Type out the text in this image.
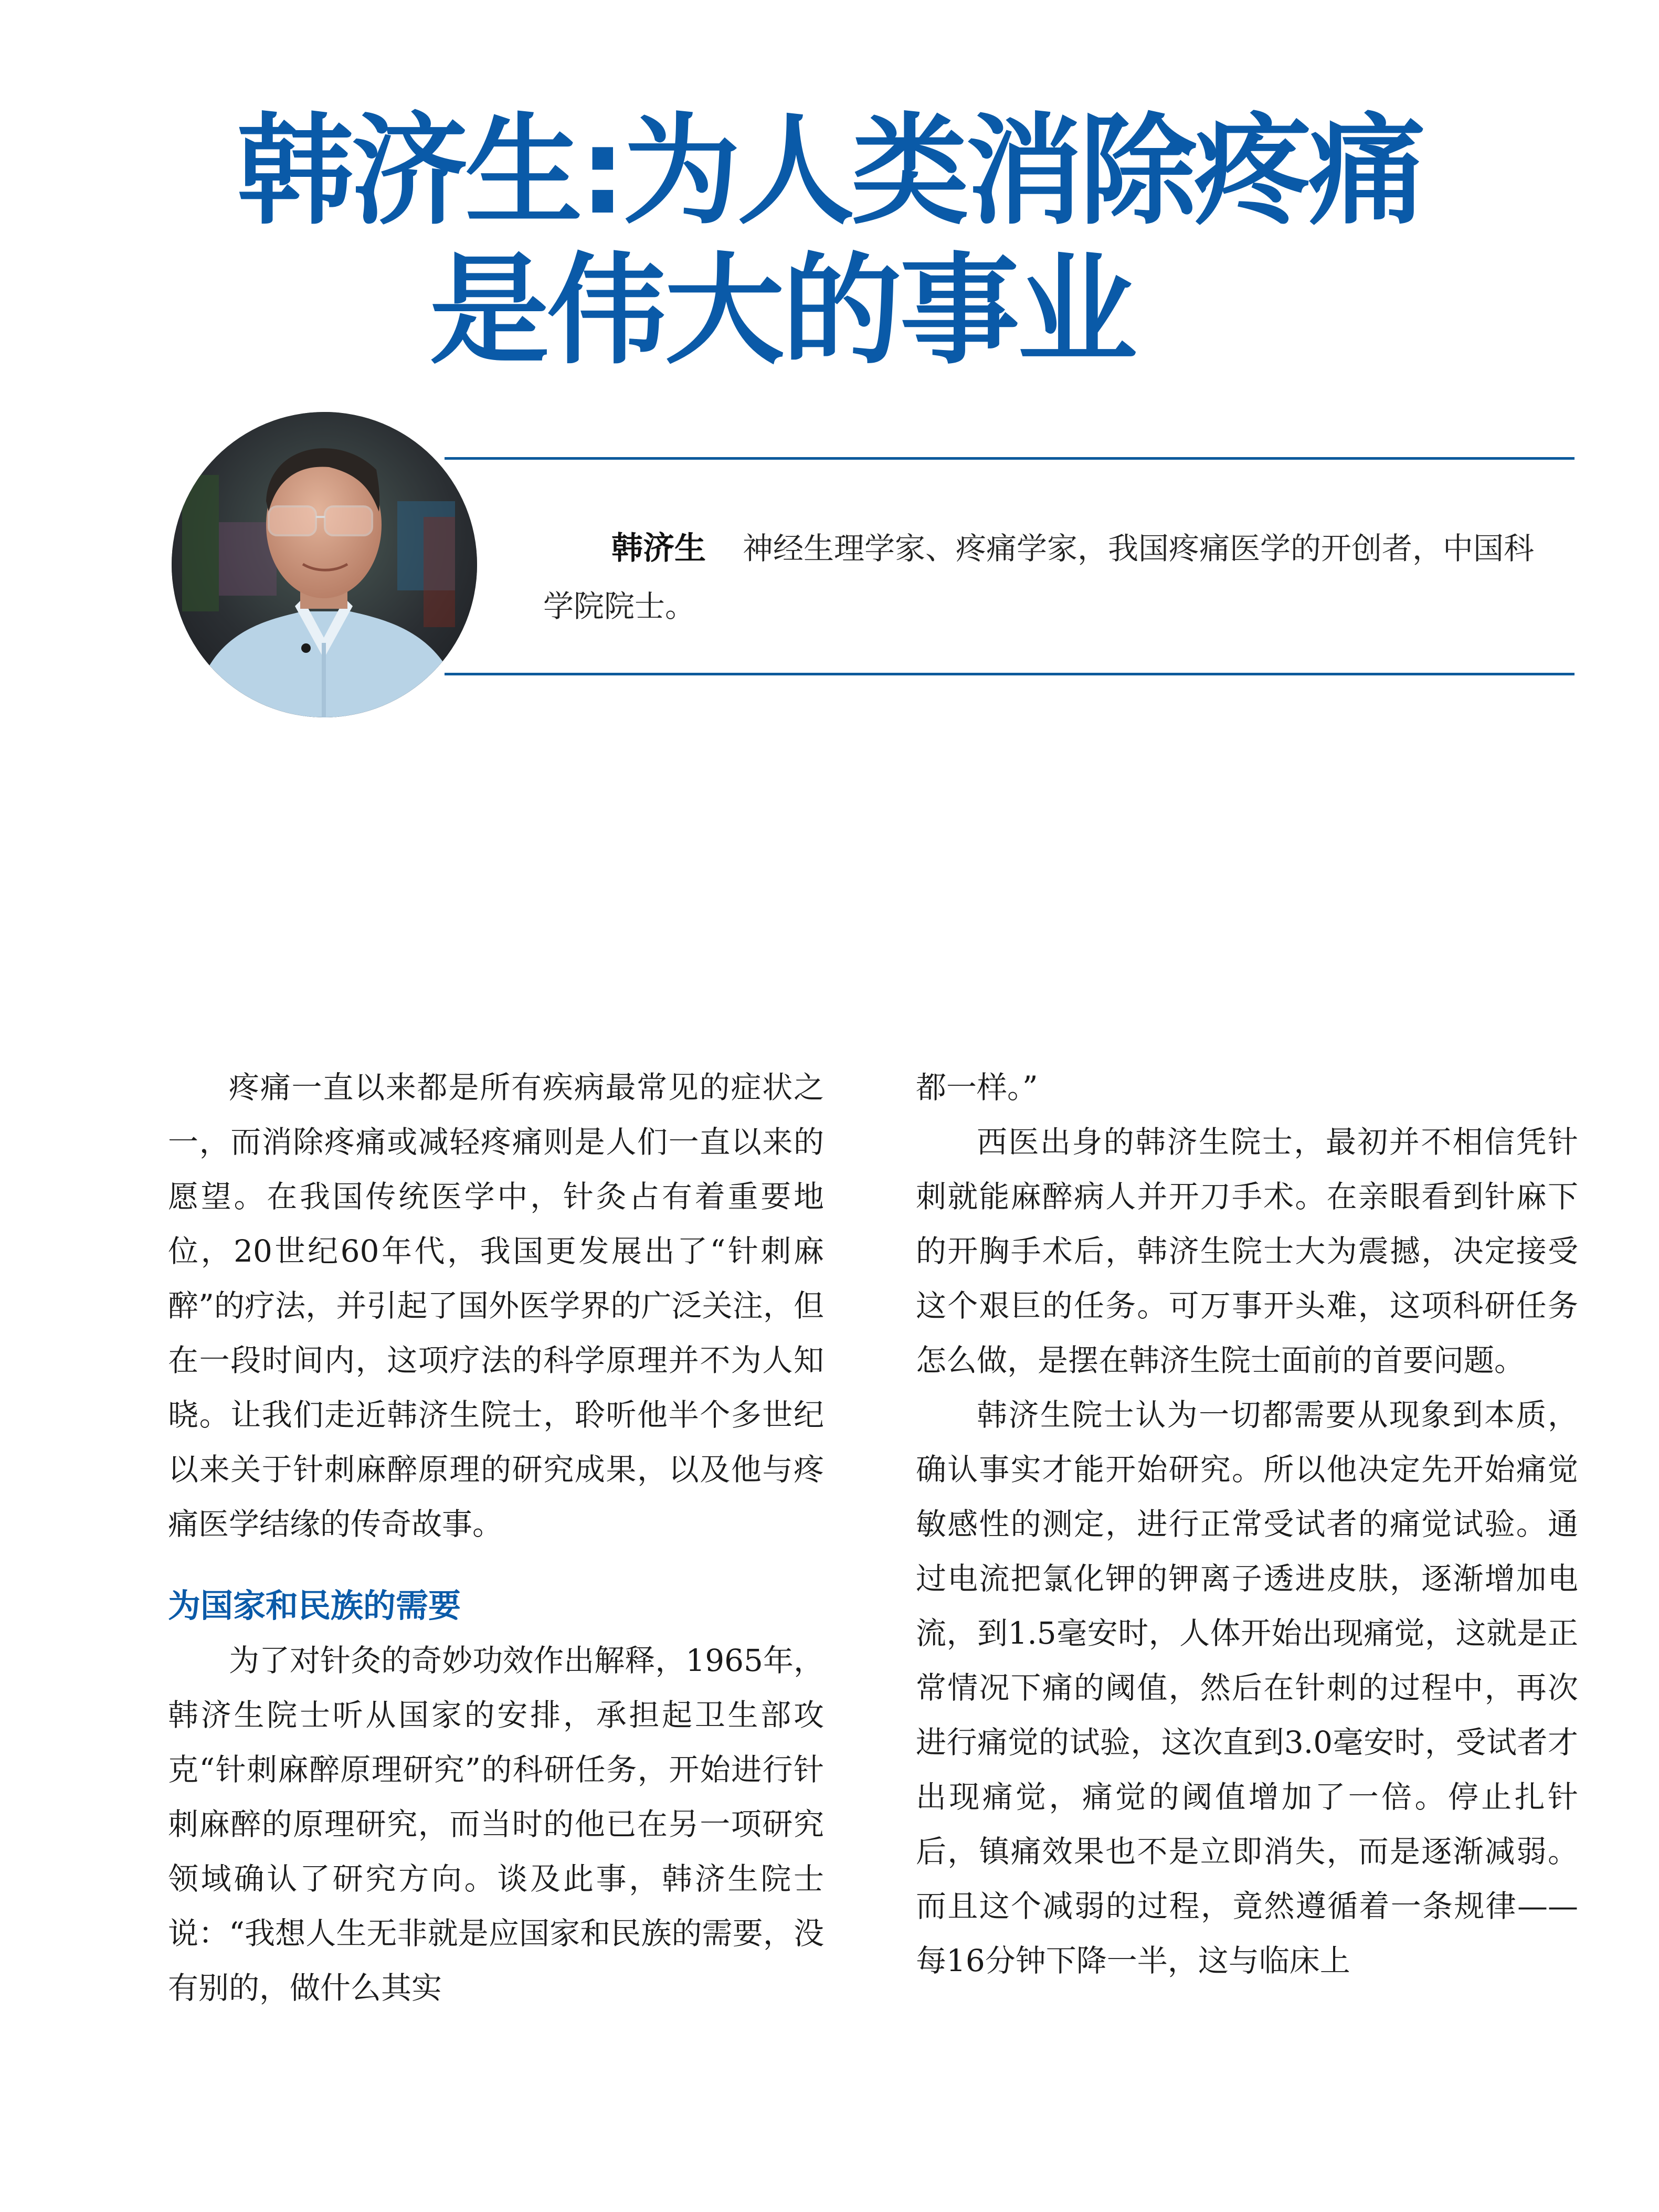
韩济生:为人类消除疼痛
是伟大的事业

韩济生 神经生理学家、疼痛学家，我国疼痛医学的开创者，中国科学院院士。

疼痛一直以来都是所有疾病最常见的症状之一，而消除疼痛或减轻疼痛则是人们一直以来的愿望。在我国传统医学中，针灸占有着重要地位，20世纪60年代，我国更发展出了“针刺麻醉”的疗法，并引起了国外医学界的广泛关注，但在一段时间内，这项疗法的科学原理并不为人知晓。让我们走近韩济生院士，聆听他半个多世纪以来关于针刺麻醉原理的研究成果，以及他与疼痛医学结缘的传奇故事。

为国家和民族的需要

为了对针灸的奇妙功效作出解释，1965年，韩济生院士听从国家的安排，承担起卫生部攻克“针刺麻醉原理研究”的科研任务，开始进行针刺麻醉的原理研究，而当时的他已在另一项研究领域确认了研究方向。谈及此事，韩济生院士说：“我想人生无非就是应国家和民族的需要，没有别的，做什么其实

都一样。”

西医出身的韩济生院士，最初并不相信凭针刺就能麻醉病人并开刀手术。在亲眼看到针麻下的开胸手术后，韩济生院士大为震撼，决定接受这个艰巨的任务。可万事开头难，这项科研任务怎么做，是摆在韩济生院士面前的首要问题。

韩济生院士认为一切都需要从现象到本质，确认事实才能开始研究。所以他决定先开始痛觉敏感性的测定，进行正常受试者的痛觉试验。通过电流把氯化钾的钾离子透进皮肤，逐渐增加电流，到1.5毫安时，人体开始出现痛觉，这就是正常情况下痛的阈值，然后在针刺的过程中，再次进行痛觉的试验，这次直到3.0毫安时，受试者才出现痛觉，痛觉的阈值增加了一倍。停止扎针后，镇痛效果也不是立即消失，而是逐渐减弱。而且这个减弱的过程，竟然遵循着一条规律——每16分钟下降一半，这与临床上
